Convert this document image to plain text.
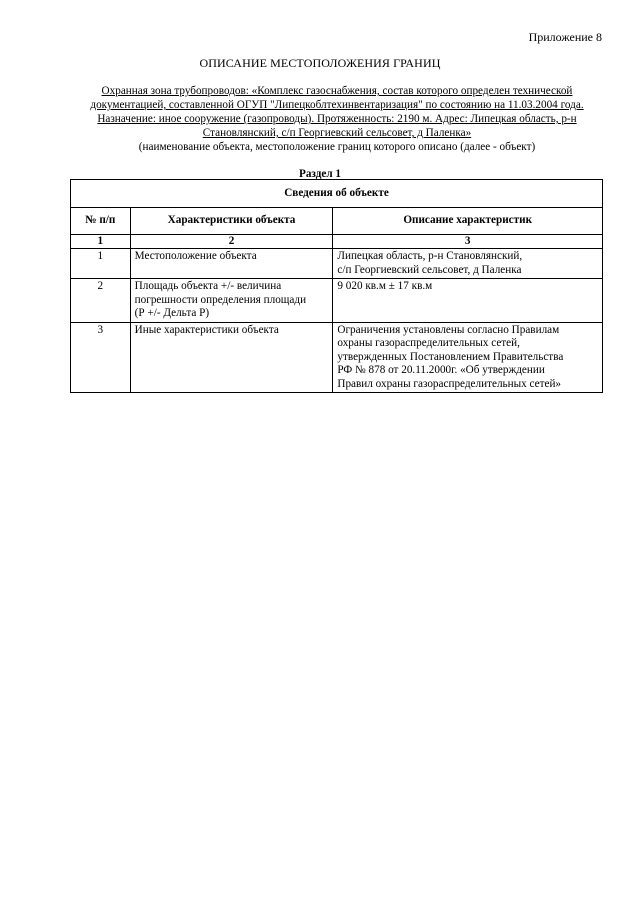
Приложение 8
ОПИСАНИЕ МЕСТОПОЛОЖЕНИЯ ГРАНИЦ
Охранная зона трубопроводов: «Комплекс газоснабжения, состав которого определен технической
документацией, составленной ОГУП "Липецкоблтехинвентаризация" по состоянию на 11.03.2004 года.
Назначение: иное сооружение (газопроводы). Протяженность: 2190 м. Адрес: Липецкая область, р-н
Становлянский, с/п Георгиевский сельсовет, д Паленка»
(наименование объекта, местоположение границ которого описано (далее - объект)
Раздел 1
Сведения об объекте		
№ п/п	Характеристики объекта	Описание характеристик
1	2	3
1	Местоположение объекта	Липецкая область, р-н Становлянский,
с/п Георгиевский сельсовет, д Паленка

2	Площадь объекта +/- величина
погрешности определения площади
(Р +/- Дельта Р)	9 020 кв.м ± 17 кв.м

3	Иные характеристики объекта	Ограничения установлены согласно Правилам
охраны газораспределительных сетей,
утвержденных Постановлением Правительства
РФ № 878 от 20.11.2000г. «Об утверждении
Правил охраны газораспределительных сетей»
